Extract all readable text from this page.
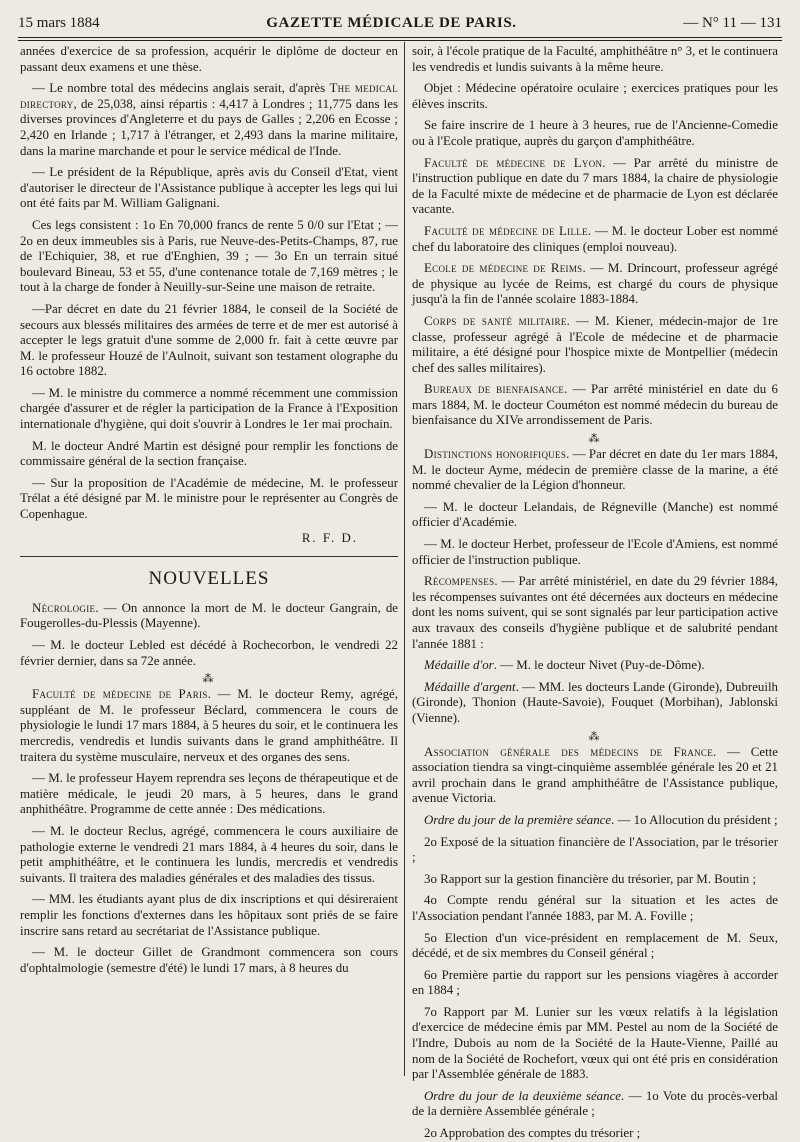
15 mars 1884	GAZETTE MÉDICALE DE PARIS.	— N° 11 — 131

années d'exercice de sa profession, acquérir le diplôme de docteur en passant deux examens et une thèse.

— Le nombre total des médecins anglais serait, d'après The medical directory, de 25,038, ainsi répartis : 4,417 à Londres ; 11,775 dans les diverses provinces d'Angleterre et du pays de Galles ; 2,206 en Ecosse ; 2,420 en Irlande ; 1,717 à l'étranger, et 2,493 dans la marine militaire, dans la marine marchande et pour le service médical de l'Inde.

— Le président de la République, après avis du Conseil d'Etat, vient d'autoriser le directeur de l'Assistance publique à accepter les legs qui lui ont été faits par M. William Galignani.

Ces legs consistent : 1o En 70,000 francs de rente 5 0/0 sur l'Etat ; — 2o en deux immeubles sis à Paris, rue Neuve-des-Petits-Champs, 87, rue de l'Echiquier, 38, et rue d'Enghien, 39 ; — 3o En un terrain situé boulevard Bineau, 53 et 55, d'une contenance totale de 7,169 mètres ; le tout à la charge de fonder à Neuilly-sur-Seine une maison de retraite.

—Par décret en date du 21 février 1884, le conseil de la Société de secours aux blessés militaires des armées de terre et de mer est autorisé à accepter le legs gratuit d'une somme de 2,000 fr. fait à cette œuvre par M. le professeur Houzé de l'Aulnoit, suivant son testament olographe du 16 octobre 1882.

— M. le ministre du commerce a nommé récemment une commission chargée d'assurer et de régler la participation de la France à l'Exposition internationale d'hygiène, qui doit s'ouvrir à Londres le 1er mai prochain.

M. le docteur André Martin est désigné pour remplir les fonctions de commissaire général de la section française.

— Sur la proposition de l'Académie de médecine, M. le professeur Trélat a été désigné par M. le ministre pour le représenter au Congrès de Copenhague.

R. F. D.
NOUVELLES

Nécrologie. — On annonce la mort de M. le docteur Gangrain, de Fougerolles-du-Plessis (Mayenne).

— M. le docteur Lebled est décédé à Rochecorbon, le vendredi 22 février dernier, dans sa 72e année.

⁂

Faculté de médecine de Paris. — M. le docteur Remy, agrégé, suppléant de M. le professeur Béclard, commencera le cours de physiologie le lundi 17 mars 1884, à 5 heures du soir, et le continuera les mercredis, vendredis et lundis suivants dans le grand amphithéâtre. Il traitera du système musculaire, nerveux et des organes des sens.

— M. le professeur Hayem reprendra ses leçons de thérapeutique et de matière médicale, le jeudi 20 mars, à 5 heures, dans le grand anphithéâtre. Programme de cette année : Des médications.

— M. le docteur Reclus, agrégé, commencera le cours auxiliaire de pathologie externe le vendredi 21 mars 1884, à 4 heures du soir, dans le petit amphithéâtre, et le continuera les lundis, mercredis et vendredis suivants. Il traitera des maladies générales et des maladies des tissus.

— MM. les étudiants ayant plus de dix inscriptions et qui désireraient remplir les fonctions d'externes dans les hôpitaux sont priés de se faire inscrire sans retard au secrétariat de l'Assistance publique.

— M. le docteur Gillet de Grandmont commencera son cours d'ophtalmologie (semestre d'été) le lundi 17 mars, à 8 heures du

soir, à l'école pratique de la Faculté, amphithéâtre n° 3, et le continuera les vendredis et lundis suivants à la même heure.

Objet : Médecine opératoire oculaire ; exercices pratiques pour les élèves inscrits.

Se faire inscrire de 1 heure à 3 heures, rue de l'Ancienne-Comedie ou à l'Ecole pratique, auprès du garçon d'amphithéâtre.

Faculté de médecine de Lyon. — Par arrêté du ministre de l'instruction publique en date du 7 mars 1884, la chaire de physiologie de la Faculté mixte de médecine et de pharmacie de Lyon est déclarée vacante.

Faculté de médecine de Lille. — M. le docteur Lober est nommé chef du laboratoire des cliniques (emploi nouveau).

Ecole de médecine de Reims. — M. Drincourt, professeur agrégé de physique au lycée de Reims, est chargé du cours de physique jusqu'à la fin de l'année scolaire 1883-1884.

Corps de santé militaire. — M. Kiener, médecin-major de 1re classe, professeur agrégé à l'Ecole de médecine et de pharmacie militaire, a été désigné pour l'hospice mixte de Montpellier (médecin chef des salles militaires).

Bureaux de bienfaisance. — Par arrêté ministériel en date du 6 mars 1884, M. le docteur Couméton est nommé médecin du bureau de bienfaisance du XIVe arrondissement de Paris.

⁂

Distinctions honorifiques. — Par décret en date du 1er mars 1884, M. le docteur Ayme, médecin de première classe de la marine, a été nommé chevalier de la Légion d'honneur.

— M. le docteur Lelandais, de Régneville (Manche) est nommé officier d'Académie.

— M. le docteur Herbet, professeur de l'Ecole d'Amiens, est nommé officier de l'instruction publique.

Récompenses. — Par arrêté ministériel, en date du 29 février 1884, les récompenses suivantes ont été décernées aux docteurs en médecine dont les noms suivent, qui se sont signalés par leur participation active aux travaux des conseils d'hygiène publique et de salubrité pendant l'année 1881 :

Médaille d'or. — M. le docteur Nivet (Puy-de-Dôme).

Médaille d'argent. — MM. les docteurs Lande (Gironde), Dubreuilh (Gironde), Thonion (Haute-Savoie), Fouquet (Morbihan), Jablonski (Vienne).

⁂

Association générale des médecins de France. — Cette association tiendra sa vingt-cinquième assemblée générale les 20 et 21 avril prochain dans le grand amphithéâtre de l'Assistance publique, avenue Victoria.

Ordre du jour de la première séance. — 1o Allocution du président ;

2o Exposé de la situation financière de l'Association, par le trésorier ;

3o Rapport sur la gestion financière du trésorier, par M. Boutin ;

4o Compte rendu général sur la situation et les actes de l'Association pendant l'année 1883, par M. A. Foville ;

5o Election d'un vice-président en remplacement de M. Seux, décédé, et de six membres du Conseil général ;

6o Première partie du rapport sur les pensions viagères à accorder en 1884 ;

7o Rapport par M. Lunier sur les vœux relatifs à la législation d'exercice de médecine émis par MM. Pestel au nom de la Société de l'Indre, Dubois au nom de la Société de la Haute-Vienne, Paillé au nom de la Société de Rochefort, vœux qui ont été pris en considération par l'Assemblée générale de 1883.

Ordre du jour de la deuxième séance. — 1o Vote du procès-verbal de la dernière Assemblée générale ;

2o Approbation des comptes du trésorier ;
